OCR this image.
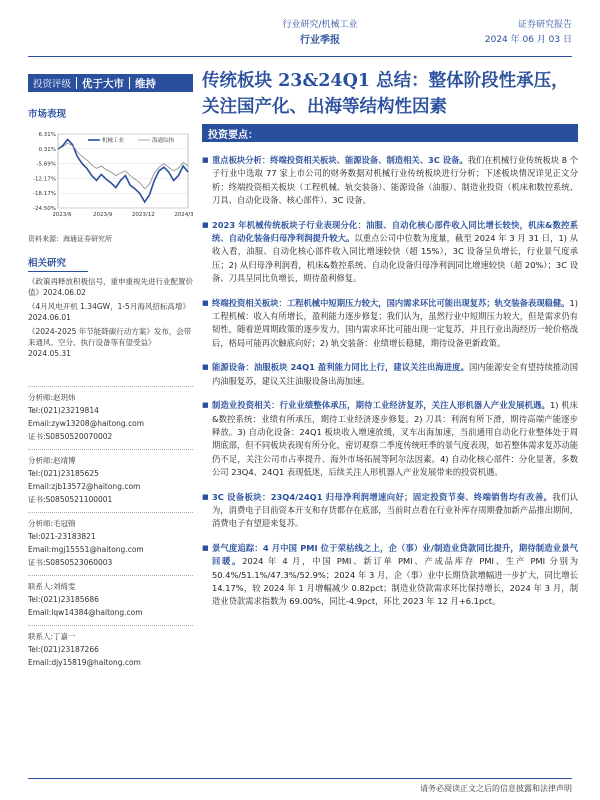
行业研究/机械工业
行业季报
证券研究报告
2024 年 06 月 03 日
投资评级	优于大市	维持	传统板块 23&24Q1 总结：整体阶段性承压，关注国产化、出海等结构性因素
市场表现
6.31%
0.31%
-5.69%
-12.17%
-18.17%
-24.50%
2023/6	2023/9	2023/12	2024/3
机械工业	海通综指
资料来源：海通证券研究所
相关研究
《政策再释放积极信号，重申重视先进行业配置价值》2024.06.02
《4月风电开机 1.34GW，1-5月海风招标高增》2024.06.01
《2024-2025 年节能降碳行动方案》发布，会带来通风、空分、执行设备等有望受益》2024.05.31
分析师:赵玥炜
Tel:(021)23219814
Email:zyw13208@haitong.com
证书:S0850520070002
分析师:赵靖博
Tel:(021)23185625
Email:zjb13572@haitong.com
证书:S0850521100001
分析师:毛冠锦
Tel:021-23183821
Email:mgj15551@haitong.com
证书:S0850523060003
联系人:刘绮雯
Tel:(021)23185686
Email:lqw14384@haitong.com
联系人:丁嘉一
Tel:(021)23187266
Email:djy15819@haitong.com
投资要点：
■ 重点板块分析：终端投资相关板块、能源设备、制造相关、3C 设备。我们在机械行业传统板块 8 个子行业中选取 77 家上市公司的财务数据对机械行业传统板块进行分析；下述板块情况详见正文分析：终端投资相关板块（工程机械、轨交装备）、能源设备（油服）、制造业投资（机床和数控系统、刀具、自动化设备、核心部件）、3C 设备。
■ 2023 年机械传统板块子行业表现分化：油服、自动化核心部件收入同比增长较快，机床&数控系统、自动化装备归母净利润提升较大。以重点公司中位数为度量，截至 2024 年 3 月 31 日，1) 从收入看，油服、自动化核心部件收入同比增速较快（超 15%），3C 设备呈负增长，行业景气度承压；2) 从归母净利润看，机床&数控系统、自动化设备归母净利润同比增速较快（超 20%）；3C 设备、刀具呈同比负增长，期待盈利修复。
■ 终端投资相关板块：工程机械中短期压力较大，国内需求环比可能出现复苏；轨交装备表现稳健。1) 工程机械：收入有所增长，盈利能力逐步修复；我们认为，虽然行业中短期压力较大，但是需求仍有韧性，随着逆周期政策的逐步发力，国内需求环比可能出现一定复苏，并且行业出海经历一轮价格战后，格局可能再次触底向好；2) 轨交装备：业绩增长稳健，期待设备更新政策。
■ 能源设备：油服板块 24Q1 盈利能力同比上行，建议关注出海进度。国内能源安全有望持续推动国内油服复苏，建议关注油服设备出海加速。
■ 制造业投资相关：行业业绩整体承压，期待工业经济复苏，关注人形机器人产业发展机遇。1) 机床&数控系统：业绩有所承压，期待工业经济逐步修复。2) 刀具：利润有所下滑，期待高端产能逐步释放。3) 自动化设备：24Q1 板块收入增速放缓，叉车出海加速，当前通用自动化行业整体处于周期底部，但不同板块表现有所分化，密切观察二季度传统旺季的景气度表现，如若整体需求复苏动能仍不足，关注公司市占率提升、海外市场拓展等阿尔法因素。4) 自动化核心部件：分化显著，多数公司 23Q4、24Q1 表现低迷，后续关注人形机器人产业发展带来的投资机遇。
■ 3C 设备板块：23Q4/24Q1 归母净利润增速向好；固定投资节奏、终端销售均有改善。我们认为，消费电子目前资本开支和存货都存在底部，当前时点看在行业补库存周期叠加新产品推出期间，消费电子有望迎来复苏。
■ 景气度追踪：4 月中国 PMI 位于荣枯线之上，企（事）业/制造业贷款同比提升，期待制造业景气回暖。2024 年 4 月，中国 PMI、新订单 PMI、产成品库存 PMI、生产 PMI 分别为 50.4%/51.1%/47.3%/52.9%；2024 年 3 月，企（事）业中长期贷款增幅进一步扩大，同比增长 14.17%，较 2024 年 1 月增幅减少 0.82pct；制造业贷款需求环比保持增长，2024 年 3 月，制造业贷款需求指数为 69.00%，同比-4.9pct，环比 2023 年 12 月+6.1pct。
请务必阅读正文之后的信息披露和法律声明
